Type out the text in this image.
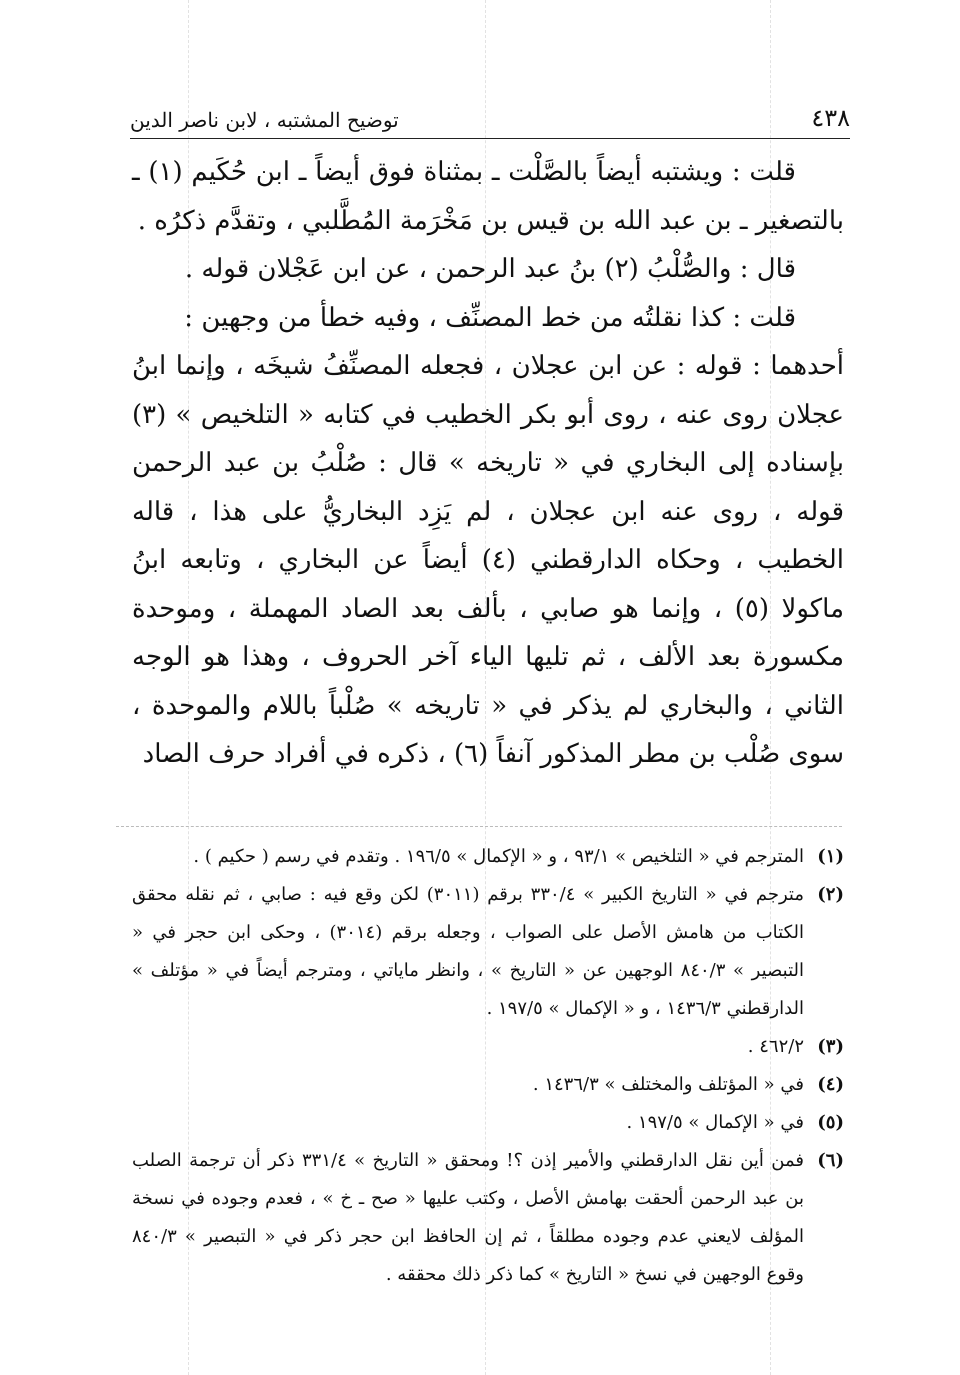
٤٣٨
توضيح المشتبه ، لابن ناصر الدين

قلت : ويشتبه أيضاً بالصَّلْت ـ بمثناة فوق أيضاً ـ ابن حُكَيم (١) ـ بالتصغير ـ بن عبد الله بن قيس بن مَخْرَمة المُطَّلبي ، وتقدَّم ذكرُه .

قال : والصُّلْبُ (٢) بنُ عبد الرحمن ، عن ابن عَجْلان قوله .

قلت : كذا نقلتُه من خط المصنِّف ، وفيه خطأ من وجهين :

أحدهما : قوله : عن ابن عجلان ، فجعله المصنِّفُ شيخَه ، وإنما ابنُ عجلان روى عنه ، روى أبو بكر الخطيب في كتابه « التلخيص » (٣) بإسناده إلى البخاري في « تاريخه » قال : صُلْبُ بن عبد الرحمن قوله ، روى عنه ابن عجلان ، لم يَزِد البخاريُّ على هذا ، قاله الخطيب ، وحكاه الدارقطني (٤) أيضاً عن البخاري ، وتابعه ابنُ ماكولا (٥) ، وإنما هو صابي ، بألف بعد الصاد المهملة ، وموحدة مكسورة بعد الألف ، ثم تليها الياء آخر الحروف ، وهذا هو الوجه الثاني ، والبخاري لم يذكر في « تاريخه » صُلْباً باللام والموحدة ، سوى صُلْب بن مطر المذكور آنفاً (٦) ، ذكره في أفراد حرف الصاد

(١)
المترجم في « التلخيص » ٩٣/١ ، و « الإكمال » ١٩٦/٥ . وتقدم في رسم ( حكيم ) .
(٢)
مترجم في « التاريخ الكبير » ٣٣٠/٤ برقم (٣٠١١) لكن وقع فيه : صابي ، ثم نقله محقق الكتاب من هامش الأصل على الصواب ، وجعله برقم (٣٠١٤) ، وحكى ابن حجر في « التبصير » ٨٤٠/٣ الوجهين عن « التاريخ » ، وانظر ماياتي ، ومترجم أيضاً في « مؤتلف » الدارقطني ١٤٣٦/٣ ، و « الإكمال » ١٩٧/٥ .
(٣)
٤٦٢/٢ .
(٤)
في « المؤتلف والمختلف » ١٤٣٦/٣ .
(٥)
في « الإكمال » ١٩٧/٥ .
(٦)
فمن أين نقل الدارقطني والأمير إذن ؟! ومحقق « التاريخ » ٣٣١/٤ ذكر أن ترجمة الصلب بن عبد الرحمن ألحقت بهامش الأصل ، وكتب عليها « صح ـ خ » ، فعدم وجوده في نسخة المؤلف لايعني عدم وجوده مطلقاً ، ثم إن الحافظ ابن حجر ذكر في « التبصير » ٨٤٠/٣ وقوع الوجهين في نسخ « التاريخ » كما ذكر ذلك محققه .
